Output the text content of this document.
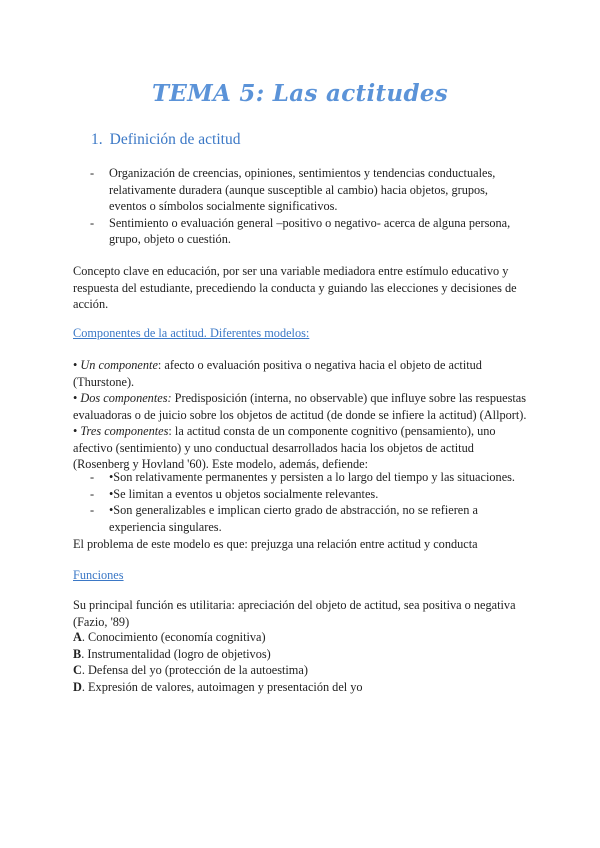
TEMA 5: Las actitudes
1. Definición de actitud
- Organización de creencias, opiniones, sentimientos y tendencias conductuales, relativamente duradera (aunque susceptible al cambio) hacia objetos, grupos, eventos o símbolos socialmente significativos.
- Sentimiento o evaluación general –positivo o negativo- acerca de alguna persona, grupo, objeto o cuestión.

Concepto clave en educación, por ser una variable mediadora entre estímulo educativo y respuesta del estudiante, precediendo la conducta y guiando las elecciones y decisiones de acción.

Componentes de la actitud. Diferentes modelos:

• Un componente: afecto o evaluación positiva o negativa hacia el objeto de actitud (Thurstone).
• Dos componentes: Predisposición (interna, no observable) que influye sobre las respuestas evaluadoras o de juicio sobre los objetos de actitud (de donde se infiere la actitud) (Allport).
• Tres componentes: la actitud consta de un componente cognitivo (pensamiento), uno afectivo (sentimiento) y uno conductual desarrollados hacia los objetos de actitud (Rosenberg y Hovland '60). Este modelo, además, defiende:
- •Son relativamente permanentes y persisten a lo largo del tiempo y las situaciones.
- •Se limitan a eventos u objetos socialmente relevantes.
- •Son generalizables e implican cierto grado de abstracción, no se refieren a experiencia singulares.

El problema de este modelo es que: prejuzga una relación entre actitud y conducta

Funciones

Su principal función es utilitaria: apreciación del objeto de actitud, sea positiva o negativa (Fazio, '89)

A. Conocimiento (economía cognitiva)
B. Instrumentalidad (logro de objetivos)
C. Defensa del yo (protección de la autoestima)
D. Expresión de valores, autoimagen y presentación del yo
